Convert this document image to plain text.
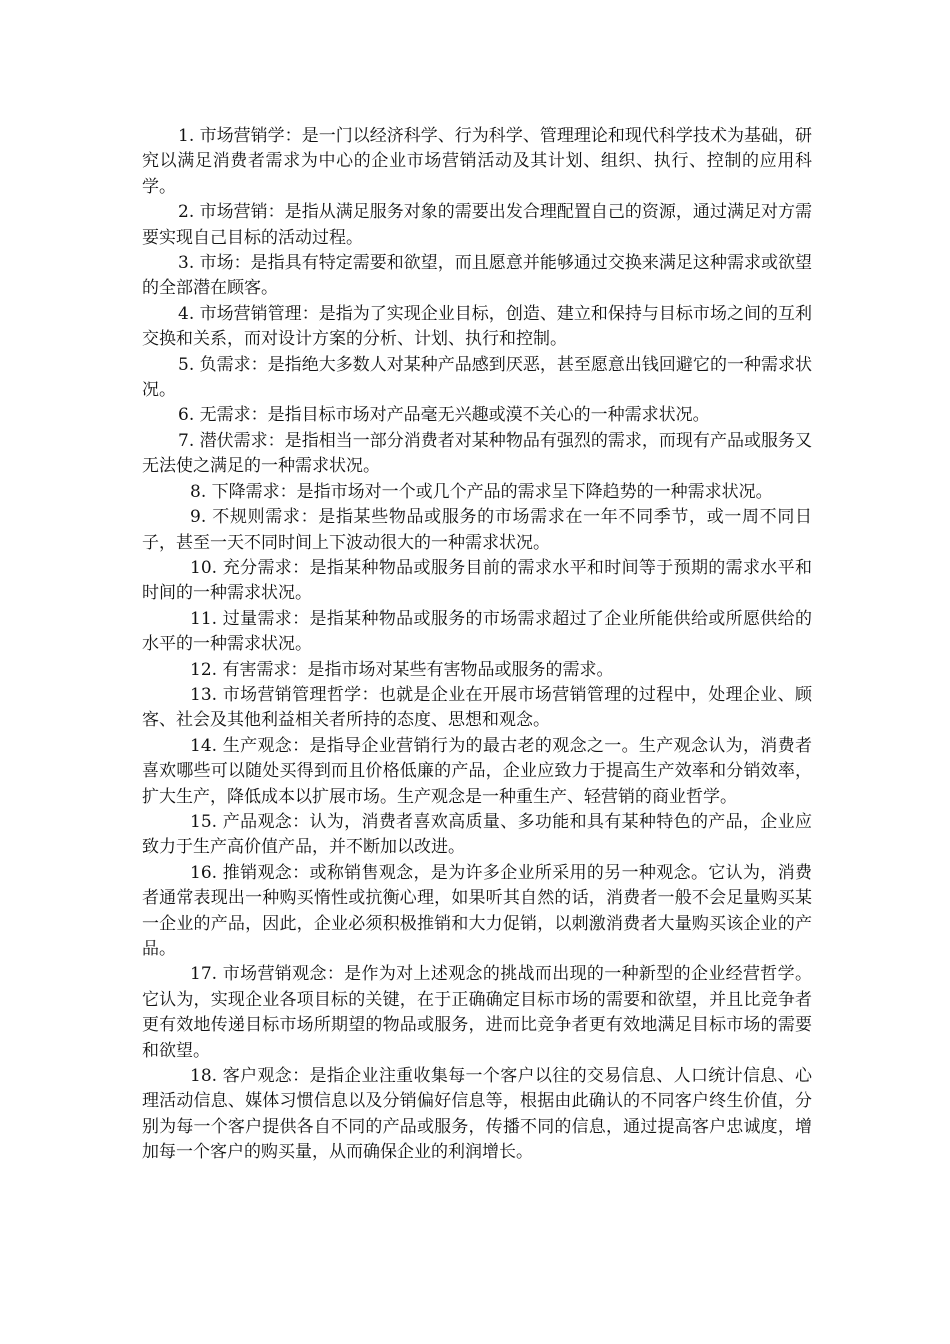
1. 市场营销学：是一门以经济科学、行为科学、管理理论和现代科学技术为基础，研究以满足消费者需求为中心的企业市场营销活动及其计划、组织、执行、控制的应用科学。

2. 市场营销：是指从满足服务对象的需要出发合理配置自己的资源，通过满足对方需要实现自己目标的活动过程。

3. 市场：是指具有特定需要和欲望，而且愿意并能够通过交换来满足这种需求或欲望的全部潜在顾客。

4. 市场营销管理：是指为了实现企业目标，创造、建立和保持与目标市场之间的互利交换和关系，而对设计方案的分析、计划、执行和控制。

5. 负需求：是指绝大多数人对某种产品感到厌恶，甚至愿意出钱回避它的一种需求状况。

6. 无需求：是指目标市场对产品毫无兴趣或漠不关心的一种需求状况。

7. 潜伏需求：是指相当一部分消费者对某种物品有强烈的需求，而现有产品或服务又无法使之满足的一种需求状况。

8. 下降需求：是指市场对一个或几个产品的需求呈下降趋势的一种需求状况。

9. 不规则需求：是指某些物品或服务的市场需求在一年不同季节，或一周不同日子，甚至一天不同时间上下波动很大的一种需求状况。

10. 充分需求：是指某种物品或服务目前的需求水平和时间等于预期的需求水平和时间的一种需求状况。

11. 过量需求：是指某种物品或服务的市场需求超过了企业所能供给或所愿供给的水平的一种需求状况。

12. 有害需求：是指市场对某些有害物品或服务的需求。

13. 市场营销管理哲学：也就是企业在开展市场营销管理的过程中，处理企业、顾客、社会及其他利益相关者所持的态度、思想和观念。

14. 生产观念：是指导企业营销行为的最古老的观念之一。生产观念认为，消费者喜欢哪些可以随处买得到而且价格低廉的产品，企业应致力于提高生产效率和分销效率，扩大生产，降低成本以扩展市场。生产观念是一种重生产、轻营销的商业哲学。

15. 产品观念：认为，消费者喜欢高质量、多功能和具有某种特色的产品，企业应致力于生产高价值产品，并不断加以改进。

16. 推销观念：或称销售观念，是为许多企业所采用的另一种观念。它认为，消费者通常表现出一种购买惰性或抗衡心理，如果听其自然的话，消费者一般不会足量购买某一企业的产品，因此，企业必须积极推销和大力促销，以刺激消费者大量购买该企业的产品。

17. 市场营销观念：是作为对上述观念的挑战而出现的一种新型的企业经营哲学。它认为，实现企业各项目标的关键，在于正确确定目标市场的需要和欲望，并且比竞争者更有效地传递目标市场所期望的物品或服务，进而比竞争者更有效地满足目标市场的需要和欲望。

18. 客户观念：是指企业注重收集每一个客户以往的交易信息、人口统计信息、心理活动信息、媒体习惯信息以及分销偏好信息等，根据由此确认的不同客户终生价值，分别为每一个客户提供各自不同的产品或服务，传播不同的信息，通过提高客户忠诚度，增加每一个客户的购买量，从而确保企业的利润增长。
